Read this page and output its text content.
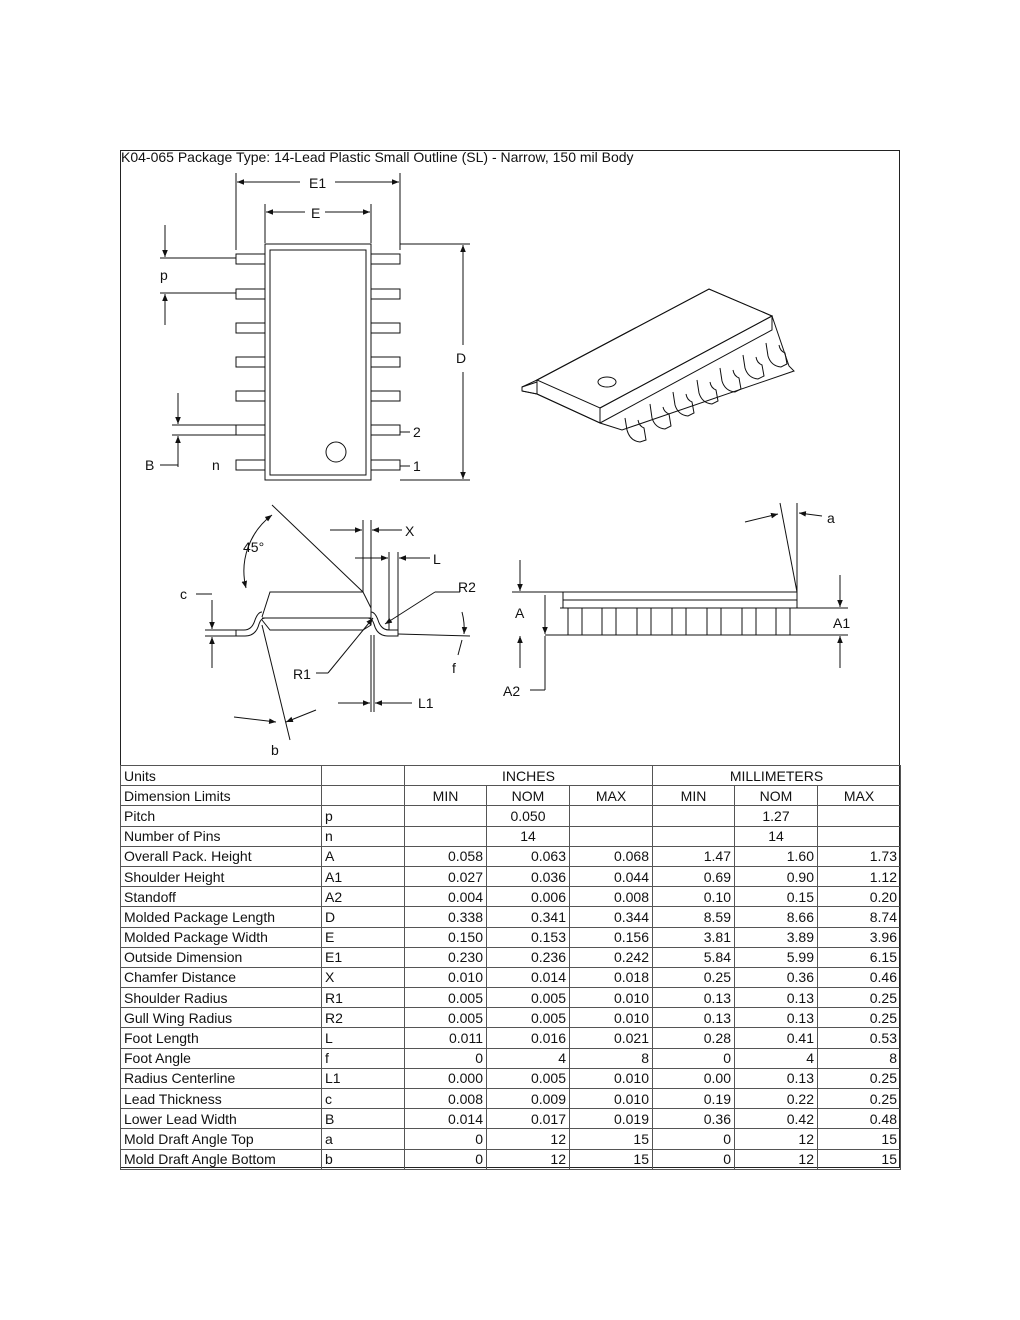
K04-065 Package Type: 14-Lead Plastic Small Outline (SL) - Narrow, 150 mil Body
E1
E
p
D
B	n
2
1
X
L
45°
c	R2
R1	f
L1
b
a
A
A1
A2
Units		INCHES			MILLIMETERS		
Dimension Limits		MIN	NOM	MAX	MIN	NOM	MAX
Pitch	p		0.050			1.27	
Number of Pins	n		14			14	
Overall Pack. Height	A	0.058	0.063	0.068	1.47	1.60	1.73
Shoulder Height	A1	0.027	0.036	0.044	0.69	0.90	1.12
Standoff	A2	0.004	0.006	0.008	0.10	0.15	0.20
Molded Package Length	D	0.338	0.341	0.344	8.59	8.66	8.74
Molded Package Width	E	0.150	0.153	0.156	3.81	3.89	3.96
Outside Dimension	E1	0.230	0.236	0.242	5.84	5.99	6.15
Chamfer Distance	X	0.010	0.014	0.018	0.25	0.36	0.46
Shoulder Radius	R1	0.005	0.005	0.010	0.13	0.13	0.25
Gull Wing Radius	R2	0.005	0.005	0.010	0.13	0.13	0.25
Foot Length	L	0.011	0.016	0.021	0.28	0.41	0.53
Foot Angle	f	0	4	8	0	4	8
Radius Centerline	L1	0.000	0.005	0.010	0.00	0.13	0.25
Lead Thickness	c	0.008	0.009	0.010	0.19	0.22	0.25
Lower Lead Width	B	0.014	0.017	0.019	0.36	0.42	0.48
Mold Draft Angle Top	a	0	12	15	0	12	15
Mold Draft Angle Bottom	b	0	12	15	0	12	15
